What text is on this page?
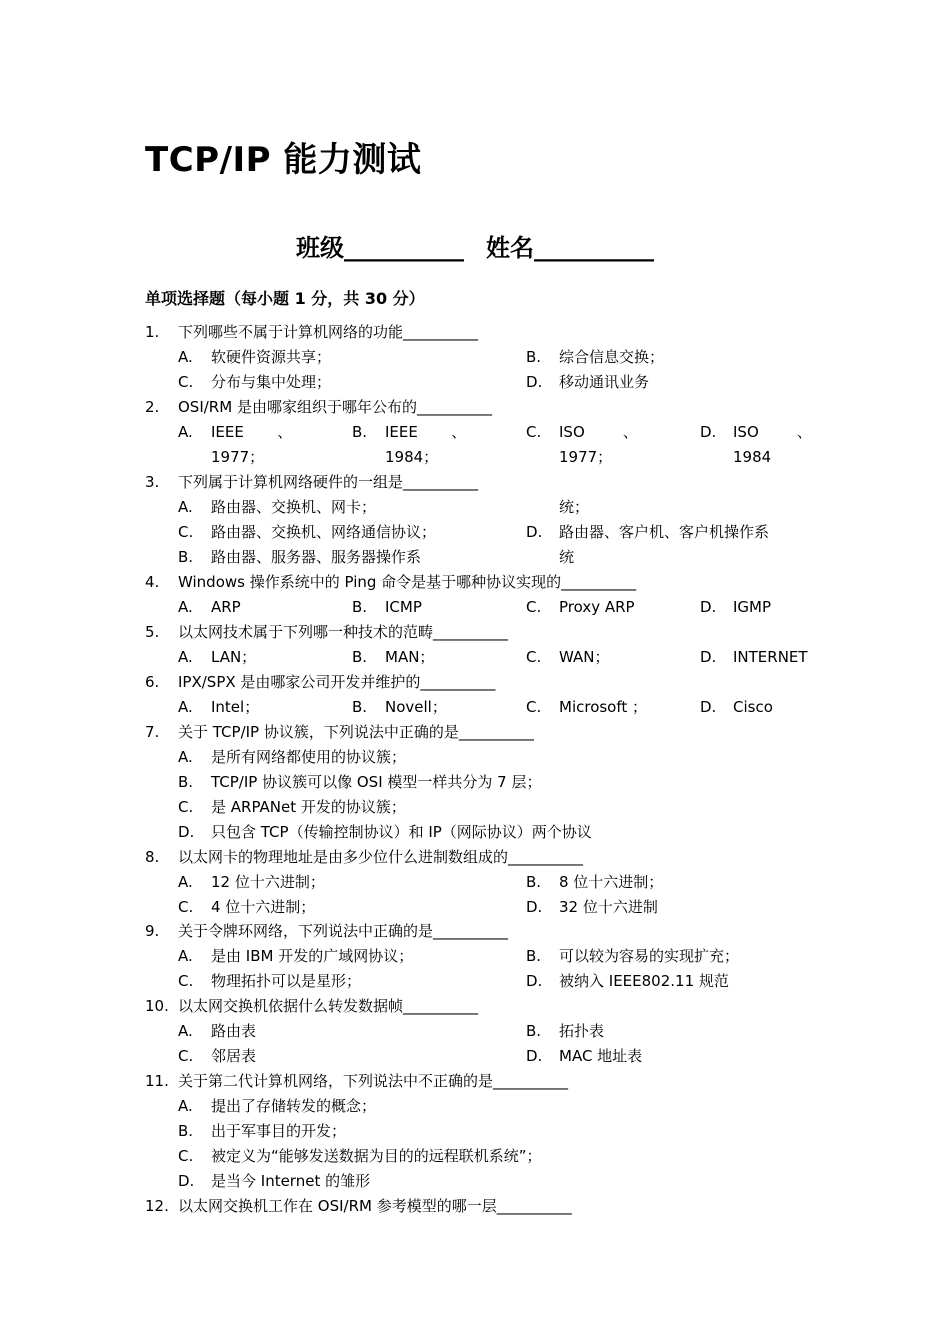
TCP/IP 能力测试
班级__________ 姓名__________
单项选择题（每小题 1 分，共 30 分）
1. 下列哪些不属于计算机网络的功能__________
A. 软硬件资源共享；	B. 综合信息交换；
C. 分布与集中处理；	D. 移动通讯业务
2. OSI/RM 是由哪家组织于哪年公布的__________
A. IEEE       、	B. IEEE       、	C. ISO        、	D. ISO        、
1977；	1984；	1977；	1984
3. 下列属于计算机网络硬件的一组是__________
A. 路由器、交换机、网卡；	统；
C. 路由器、交换机、网络通信协议；	D. 路由器、客户机、客户机操作系
B. 路由器、服务器、服务器操作系	统
4. Windows 操作系统中的 Ping 命令是基于哪种协议实现的__________
A. ARP	B. ICMP	C. Proxy ARP	D. IGMP
5. 以太网技术属于下列哪一种技术的范畴__________
A. LAN；	B. MAN；	C. WAN；	D. INTERNET
6. IPX/SPX 是由哪家公司开发并维护的__________
A. Intel；	B. Novell；	C. Microsoft ；	D. Cisco
7. 关于 TCP/IP 协议簇，下列说法中正确的是__________
A. 是所有网络都使用的协议簇；
B. TCP/IP 协议簇可以像 OSI 模型一样共分为 7 层；
C. 是 ARPANet 开发的协议簇；
D. 只包含 TCP（传输控制协议）和 IP（网际协议）两个协议
8. 以太网卡的物理地址是由多少位什么进制数组成的__________
A. 12 位十六进制；	B. 8 位十六进制；
C. 4 位十六进制；	D. 32 位十六进制
9. 关于令牌环网络，下列说法中正确的是__________
A. 是由 IBM 开发的广域网协议；	B. 可以较为容易的实现扩充；
C. 物理拓扑可以是星形；	D. 被纳入 IEEE802.11 规范
10. 以太网交换机依据什么转发数据帧__________
A. 路由表	B. 拓扑表
C. 邻居表	D. MAC 地址表
11. 关于第二代计算机网络，下列说法中不正确的是__________
A. 提出了存储转发的概念；
B. 出于军事目的开发；
C. 被定义为“能够发送数据为目的的远程联机系统”；
D. 是当今 Internet 的雏形
12. 以太网交换机工作在 OSI/RM 参考模型的哪一层__________
